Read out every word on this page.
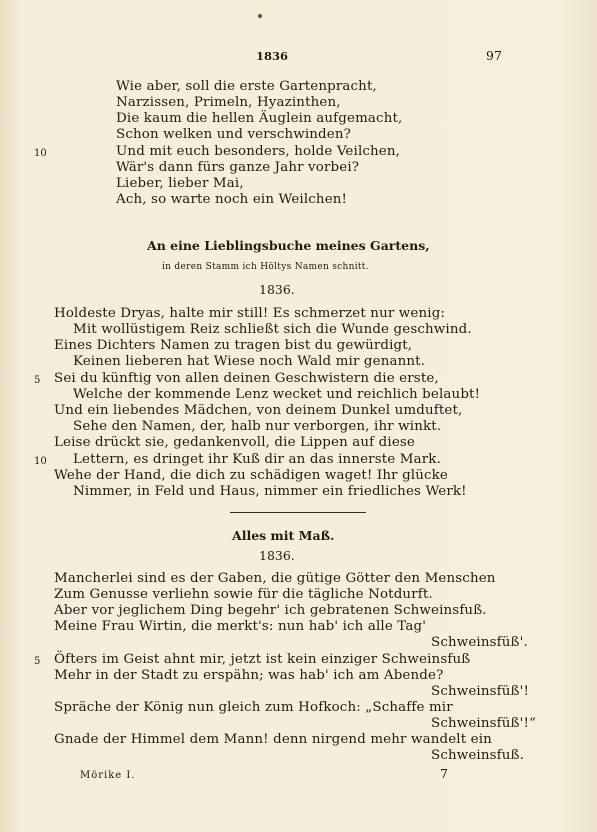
1836	97
Wie aber, soll die erste Gartenpracht,
Narzissen, Primeln, Hyazinthen,
Die kaum die hellen Äuglein aufgemacht,
Schon welken und verschwinden?
10	Und mit euch besonders, holde Veilchen,
Wär's dann fürs ganze Jahr vorbei?
Lieber, lieber Mai,
Ach, so warte noch ein Weilchen!
An eine Lieblingsbuche meines Gartens,
in deren Stamm ich Höltys Namen schnitt.
1836.
Holdeste Dryas, halte mir still! Es schmerzet nur wenig:
Mit wollüstigem Reiz schließt sich die Wunde geschwind.
Eines Dichters Namen zu tragen bist du gewürdigt,
Keinen lieberen hat Wiese noch Wald mir genannt.
5 Sei du künftig von allen deinen Geschwistern die erste,
Welche der kommende Lenz wecket und reichlich belaubt!
Und ein liebendes Mädchen, von deinem Dunkel umduftet,
Sehe den Namen, der, halb nur verborgen, ihr winkt.
Leise drückt sie, gedankenvoll, die Lippen auf diese
10 Lettern, es dringet ihr Kuß dir an das innerste Mark.
Wehe der Hand, die dich zu schädigen waget! Ihr glücke
Nimmer, in Feld und Haus, nimmer ein friedliches Werk!
Alles mit Maß.
1836.
Mancherlei sind es der Gaben, die gütige Götter den Menschen
Zum Genusse verliehn sowie für die tägliche Notdurft.
Aber vor jeglichem Ding begehr' ich gebratenen Schweinsfuß.
Meine Frau Wirtin, die merkt's: nun hab' ich alle Tag'
Schweinsfüß'.
5 Öfters im Geist ahnt mir, jetzt ist kein einziger Schweinsfuß
Mehr in der Stadt zu erspähn; was hab' ich am Abende?
Schweinsfüß'!
Spräche der König nun gleich zum Hofkoch: „Schaffe mir
Schweinsfüß'!“
Gnade der Himmel dem Mann! denn nirgend mehr wandelt ein
Schweinsfuß.
Mörike I.	7
